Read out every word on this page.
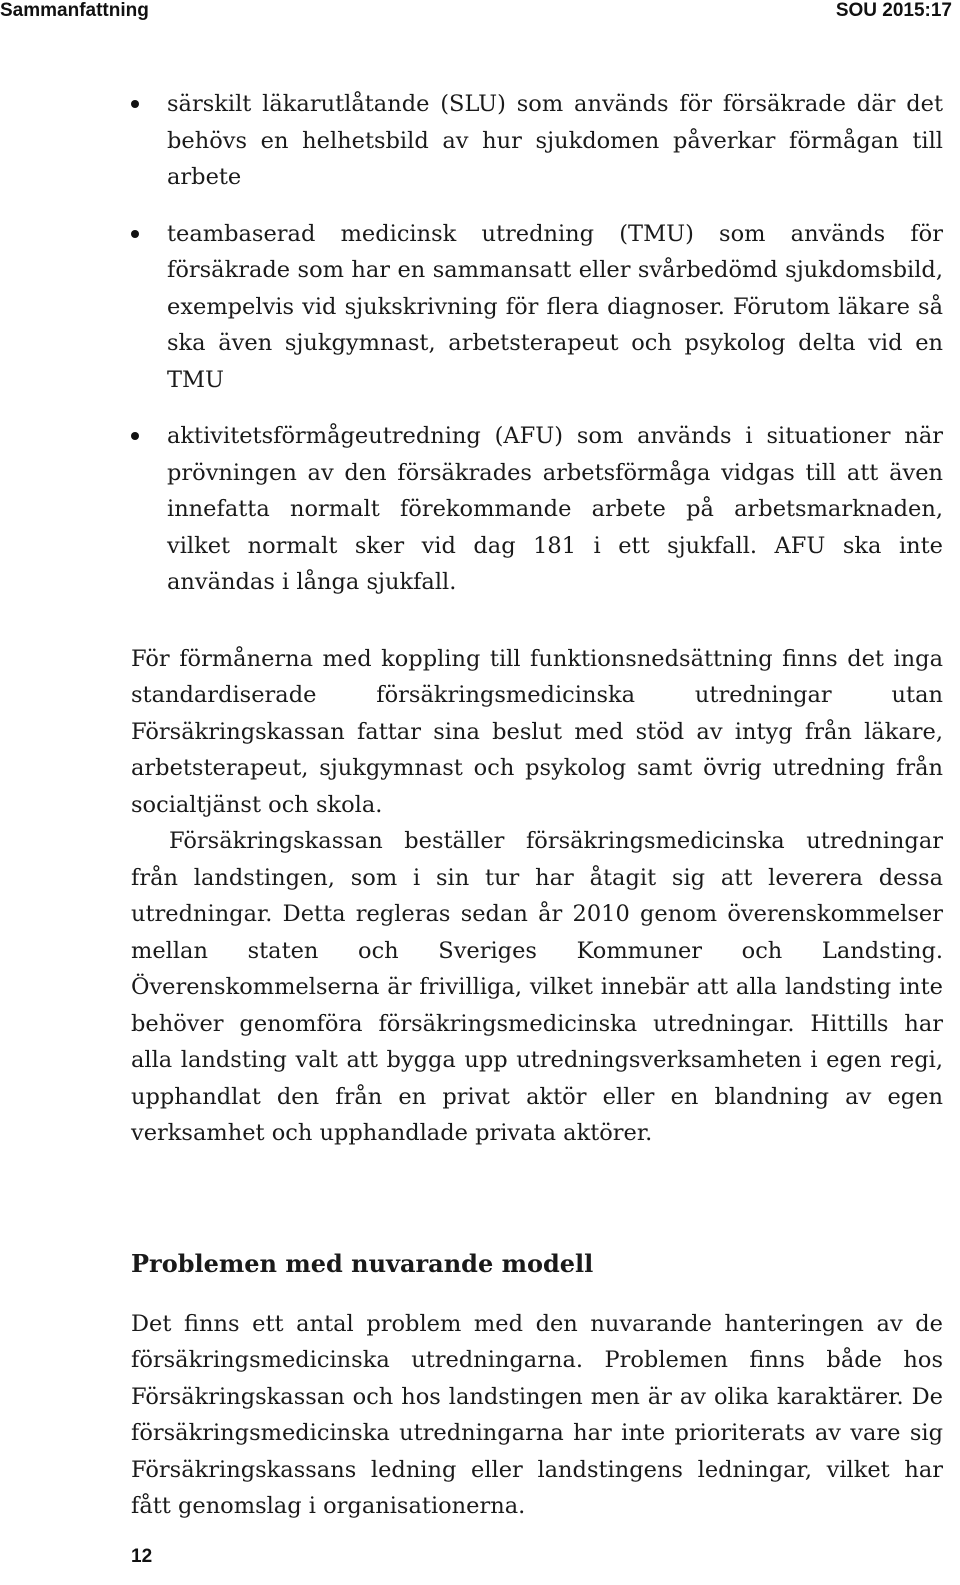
Sammanfattning	SOU 2015:17
särskilt läkarutlåtande (SLU) som används för försäkrade där det behövs en helhetsbild av hur sjukdomen påverkar förmågan till arbete
teambaserad medicinsk utredning (TMU) som används för försäkrade som har en sammansatt eller svårbedömd sjukdomsbild, exempelvis vid sjukskrivning för flera diagnoser. Förutom läkare så ska även sjukgymnast, arbetsterapeut och psykolog delta vid en TMU
aktivitetsförmågeutredning (AFU) som används i situationer när prövningen av den försäkrades arbetsförmåga vidgas till att även innefatta normalt förekommande arbete på arbetsmarknaden, vilket normalt sker vid dag 181 i ett sjukfall. AFU ska inte användas i långa sjukfall.

För förmånerna med koppling till funktionsnedsättning finns det inga standardiserade försäkringsmedicinska utredningar utan Försäkringskassan fattar sina beslut med stöd av intyg från läkare, arbetsterapeut, sjukgymnast och psykolog samt övrig utredning från socialtjänst och skola.

Försäkringskassan beställer försäkringsmedicinska utredningar från landstingen, som i sin tur har åtagit sig att leverera dessa utredningar. Detta regleras sedan år 2010 genom överenskommelser mellan staten och Sveriges Kommuner och Landsting. Överenskommelserna är frivilliga, vilket innebär att alla landsting inte behöver genomföra försäkringsmedicinska utredningar. Hittills har alla landsting valt att bygga upp utredningsverksamheten i egen regi, upphandlat den från en privat aktör eller en blandning av egen verksamhet och upphandlade privata aktörer.

Problemen med nuvarande modell

Det finns ett antal problem med den nuvarande hanteringen av de försäkringsmedicinska utredningarna. Problemen finns både hos Försäkringskassan och hos landstingen men är av olika karaktärer. De försäkringsmedicinska utredningarna har inte prioriterats av vare sig Försäkringskassans ledning eller landstingens ledningar, vilket har fått genomslag i organisationerna.

12
